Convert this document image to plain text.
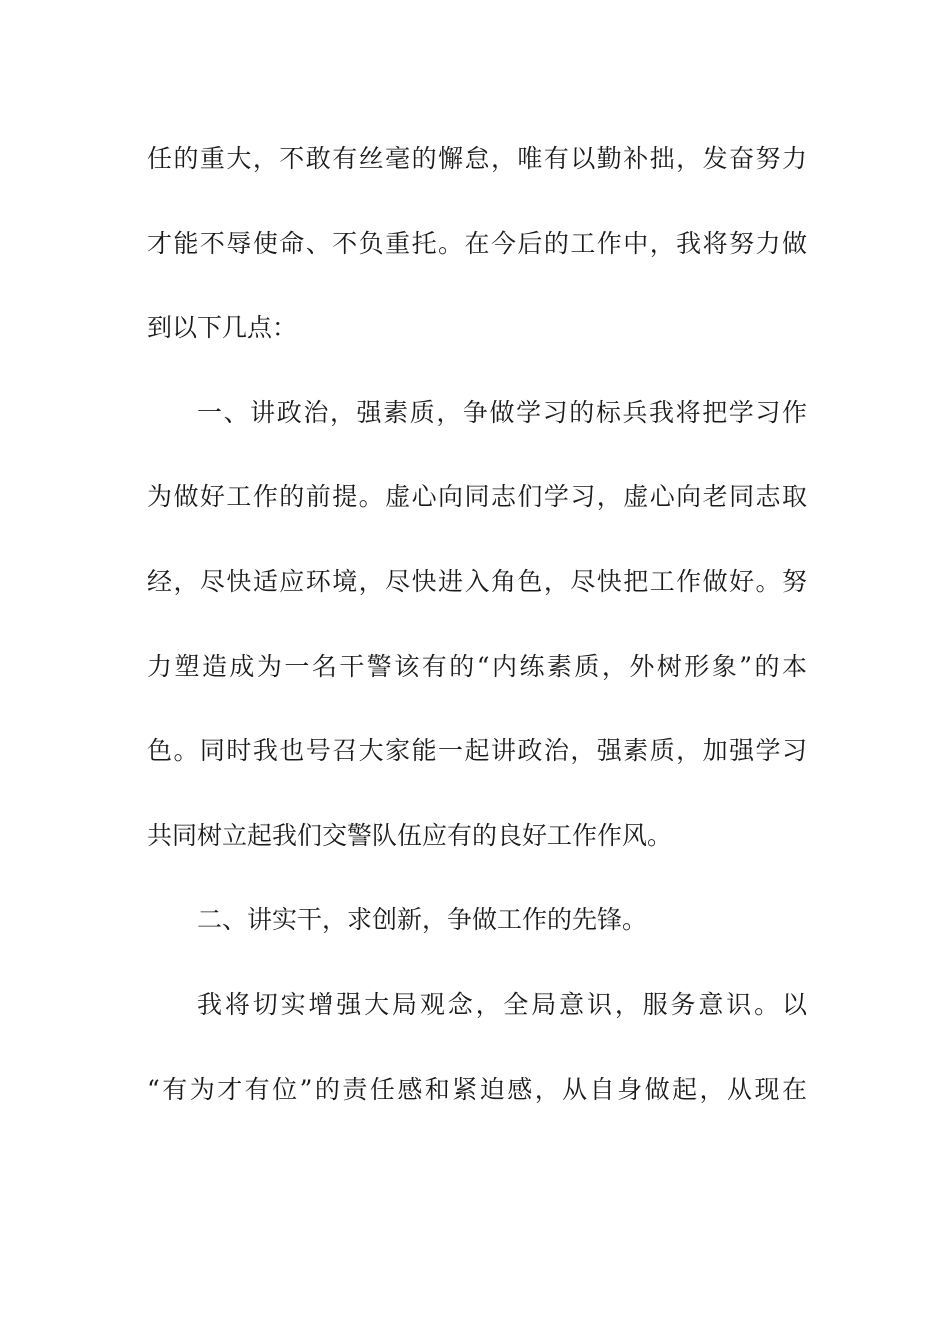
任的重大，不敢有丝毫的懈怠，唯有以勤补拙，发奋努力
才能不辱使命、不负重托。在今后的工作中，我将努力做
到以下几点：
一、讲政治，强素质，争做学习的标兵我将把学习作
为做好工作的前提。虚心向同志们学习，虚心向老同志取
经，尽快适应环境，尽快进入角色，尽快把工作做好。努
力塑造成为一名干警该有的“内练素质，外树形象”的本
色。同时我也号召大家能一起讲政治，强素质，加强学习
共同树立起我们交警队伍应有的良好工作作风。
二、讲实干，求创新，争做工作的先锋。
我将切实增强大局观念，全局意识，服务意识。以
“有为才有位”的责任感和紧迫感，从自身做起，从现在
